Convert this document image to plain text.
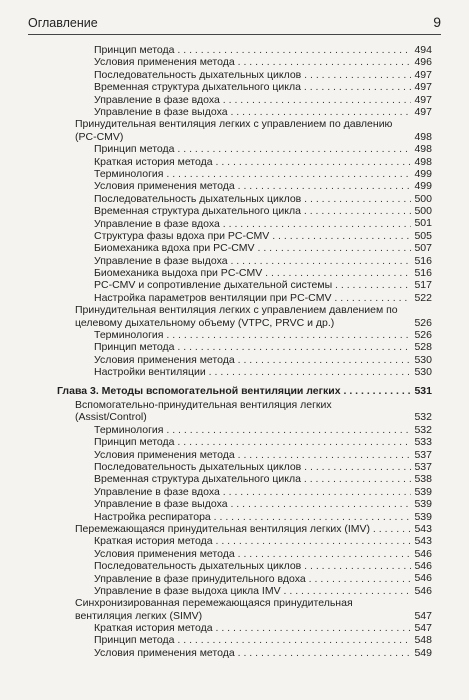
Оглавление	9
Принцип метода . . .	494
Условия применения метода . . .	496
Последовательность дыхательных циклов . . .	497
Временная структура дыхательного цикла . . .	497
Управление в фазе вдоха . . .	497
Управление в фазе выдоха . . .	497
Принудительная вентиляция легких с управлением по давлению (PC-CMV)	498
Принцип метода . . .	498
Краткая история метода . . .	498
Терминология . . .	499
Условия применения метода . . .	499
Последовательность дыхательных циклов . . .	500
Временная структура дыхательного цикла . . .	500
Управление в фазе вдоха . . .	501
Структура фазы вдоха при PC-CMV . . .	505
Биомеханика вдоха при PC-CMV . . .	507
Управление в фазе выдоха . . .	516
Биомеханика выдоха при PC-CMV . . .	516
PC-CMV и сопротивление дыхательной системы . . .	517
Настройка параметров вентиляции при PC-CMV . . .	522
Принудительная вентиляция легких с управлением давлением по целевому дыхательному объему (VTPC, PRVC и др.)	526
Терминология . . .	526
Принцип метода . . .	528
Условия применения метода . . .	530
Настройки вентиляции . . .	530
Глава 3. Методы вспомогательной вентиляции легких . . .	531
Вспомогательно-принудительная вентиляция легких (Assist/Control)	532
Терминология . . .	532
Принцип метода . . .	533
Условия применения метода . . .	537
Последовательность дыхательных циклов . . .	537
Временная структура дыхательного цикла . . .	538
Управление в фазе вдоха . . .	539
Управление в фазе выдоха . . .	539
Настройка респиратора . . .	539
Перемежающаяся принудительная вентиляция легких (IMV) . . .	543
Краткая история метода . . .	543
Условия применения метода . . .	546
Последовательность дыхательных циклов . . .	546
Управление в фазе принудительного вдоха . . .	546
Управление в фазе выдоха цикла IMV . . .	546
Синхронизированная перемежающаяся принудительная вентиляция легких (SIMV)	547
Краткая история метода . . .	547
Принцип метода . . .	548
Условия применения метода . . .	549
